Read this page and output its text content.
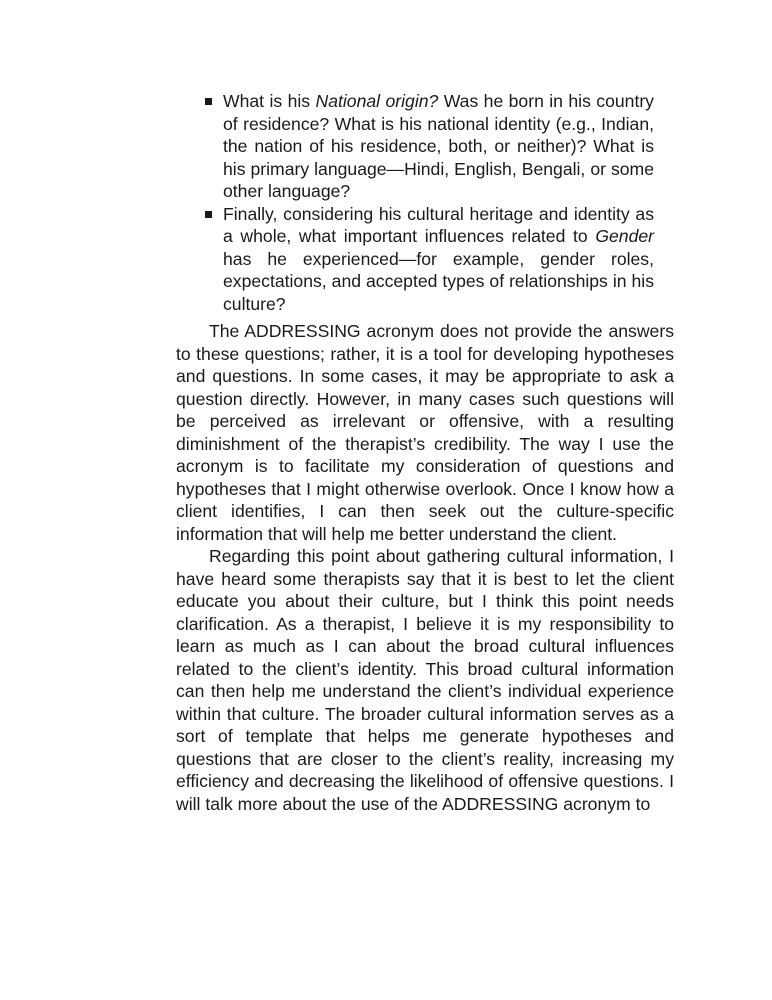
What is his National origin? Was he born in his country of residence? What is his national identity (e.g., Indian, the nation of his residence, both, or neither)? What is his primary language—Hindi, English, Bengali, or some other language?
Finally, considering his cultural heritage and identity as a whole, what important influences related to Gender has he experienced—for example, gender roles, expectations, and accepted types of relationships in his culture?

The ADDRESSING acronym does not provide the answers to these questions; rather, it is a tool for developing hypotheses and questions. In some cases, it may be appropriate to ask a question directly. However, in many cases such questions will be perceived as irrelevant or offensive, with a resulting diminishment of the therapist’s credibility. The way I use the acronym is to facilitate my consideration of questions and hypotheses that I might otherwise overlook. Once I know how a client identifies, I can then seek out the culture-specific information that will help me better understand the client.

Regarding this point about gathering cultural information, I have heard some therapists say that it is best to let the client educate you about their culture, but I think this point needs clarification. As a therapist, I believe it is my responsibility to learn as much as I can about the broad cultural influences related to the client’s identity. This broad cultural information can then help me understand the client’s individual experience within that culture. The broader cultural information serves as a sort of template that helps me generate hypotheses and questions that are closer to the client’s reality, increasing my efficiency and decreasing the likelihood of offensive questions. I will talk more about the use of the ADDRESSING acronym to
